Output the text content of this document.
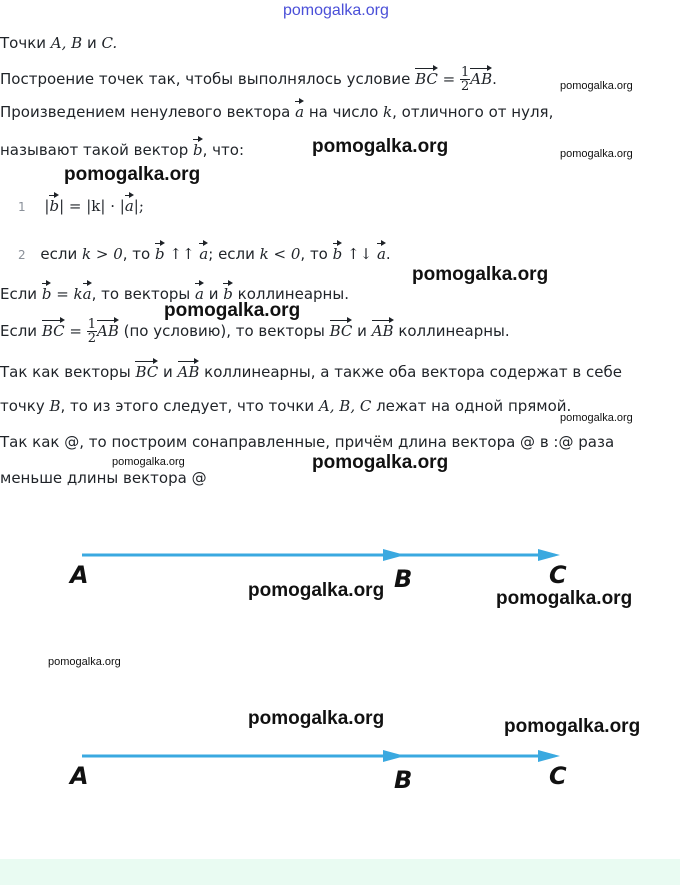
pomogalka.org
Точки A, B и C.
Построение точек так, чтобы выполнялось условие BC = $\frac{1}{2}$ AB.
Произведением ненулевого вектора a на число k, отличного от нуля,
называют такой вектор b, что:
1 |b| = |k| · |a|;
2 если k > 0, то b ↑↑ a; если k < 0, то b ↑↓ a.
Если b = ka, то векторы a и b коллинеарны.
Если BC = $\frac{1}{2}$ AB (по условию), то векторы BC и AB коллинеарны.
Так как векторы BC и AB коллинеарны, а также оба вектора содержат в себе
точку B, то из этого следует, что точки A, B, C лежат на одной прямой.
Так как @, то построим сонаправленные, причём длина вектора @ в :@ раза
меньше длины вектора @
A	B	C
A	B	C
pomogalka.org
pomogalka.org	pomogalka.org
pomogalka.org
pomogalka.org
pomogalka.org
pomogalka.org
pomogalka.org	pomogalka.org
pomogalka.org	pomogalka.org
pomogalka.org
pomogalka.org	pomogalka.org
